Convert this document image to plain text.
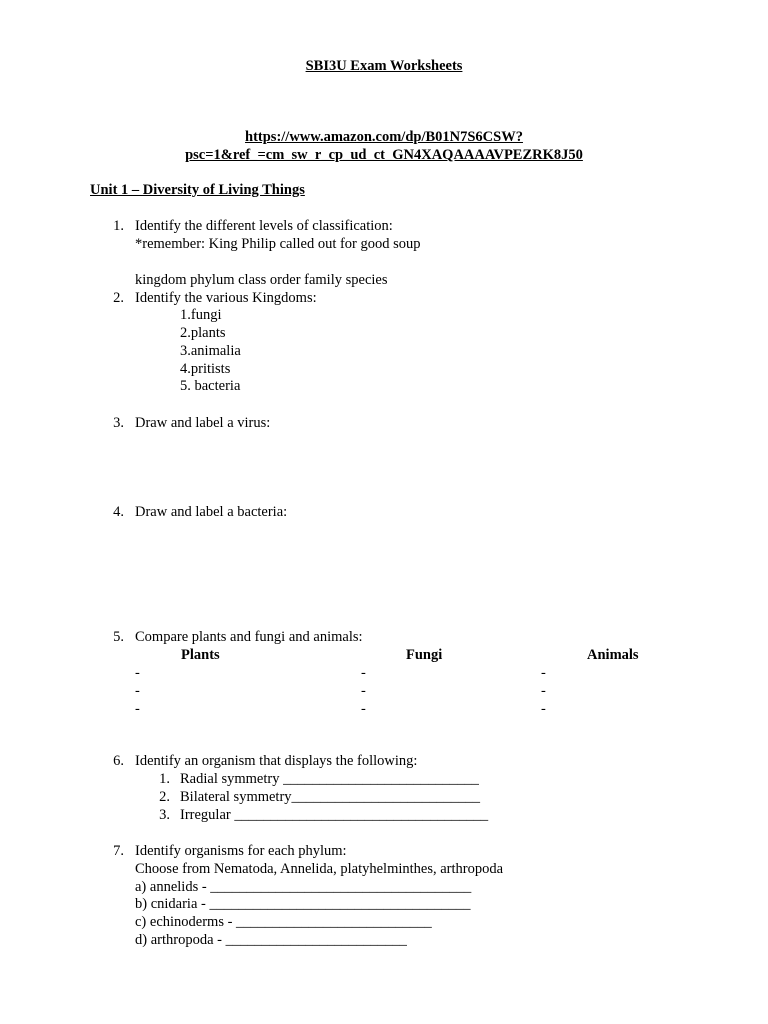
SBI3U Exam Worksheets
https://www.amazon.com/dp/B01N7S6CSW?
psc=1&ref_=cm_sw_r_cp_ud_ct_GN4XAQAAAAVPEZRK8J50
Unit 1 – Diversity of Living Things
1. Identify the different levels of classification:
*remember: King Philip called out for good soup
kingdom phylum class order family species
2. Identify the various Kingdoms:
1.fungi
2.plants
3.animalia
4.pritists
5. bacteria
3. Draw and label a virus:
4. Draw and label a bacteria:
5. Compare plants and fungi and animals:
Plants	Fungi	Animals
-
-
-
-
-
-
-
-
-
6. Identify an organism that displays the following:
1. Radial symmetry ___________________________
2. Bilateral symmetry__________________________
3. Irregular ___________________________________
7. Identify organisms for each phylum:
Choose from Nematoda, Annelida, platyhelminthes, arthropoda
a) annelids - ____________________________________
b) cnidaria - ____________________________________
c) echinoderms - ___________________________
d) arthropoda - _________________________
